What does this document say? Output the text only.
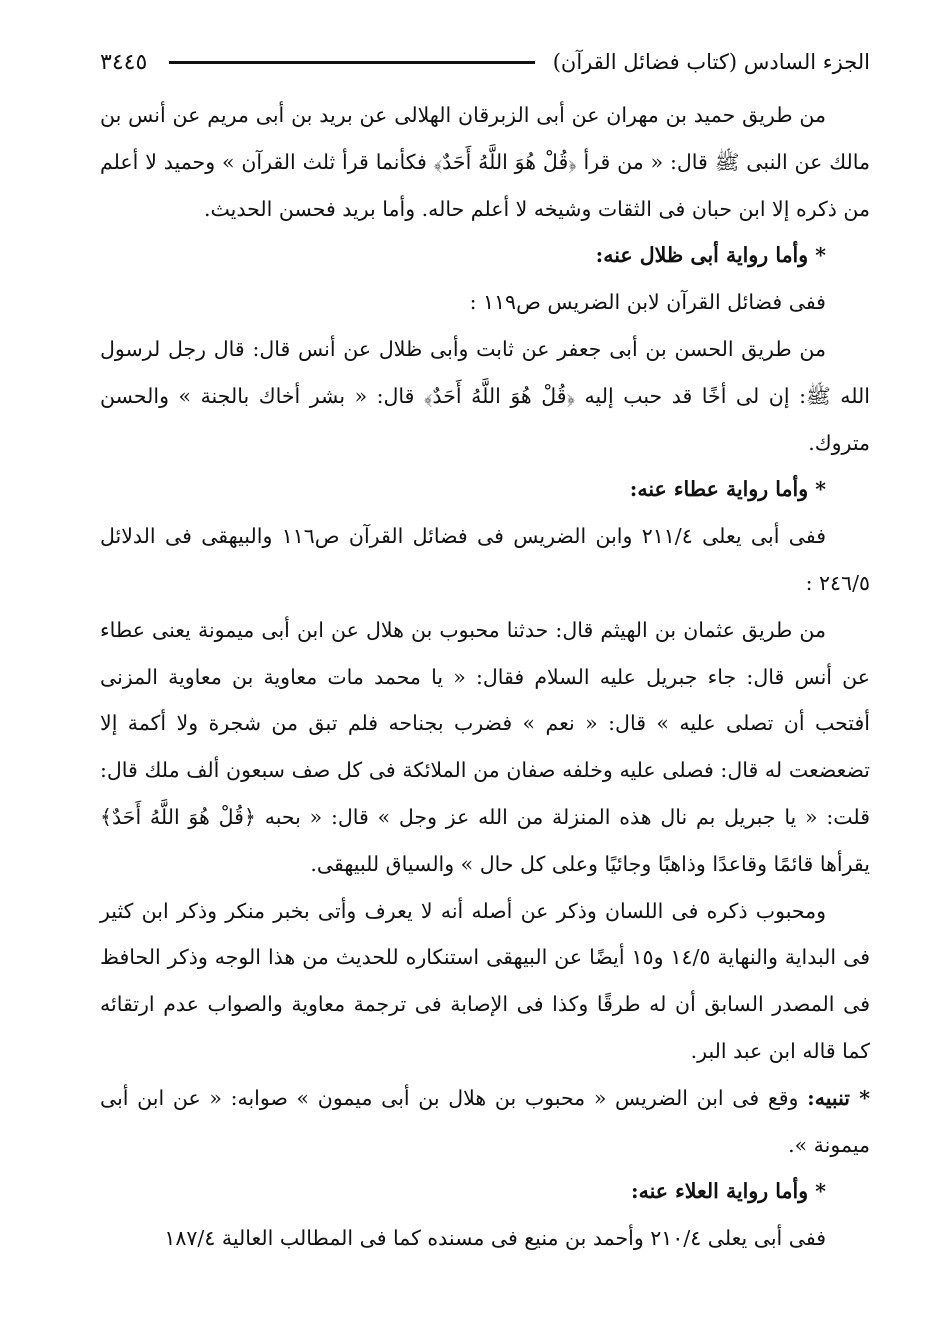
٣٤٤٥	الجزء السادس (كتاب فضائل القرآن)

من طريق حميد بن مهران عن أبى الزبرقان الهلالى عن بريد بن أبى مريم عن أنس بن مالك عن النبى ﷺ قال: « من قرأ ﴿قُلْ هُوَ اللَّهُ أَحَدٌ﴾ فكأنما قرأ ثلث القرآن » وحميد لا أعلم من ذكره إلا ابن حبان فى الثقات وشيخه لا أعلم حاله. وأما بريد فحسن الحديث.

* وأما رواية أبى ظلال عنه:

ففى فضائل القرآن لابن الضريس ص١١٩ :

من طريق الحسن بن أبى جعفر عن ثابت وأبى ظلال عن أنس قال: قال رجل لرسول الله ﷺ: إن لى أخًا قد حبب إليه ﴿قُلْ هُوَ اللَّهُ أَحَدٌ﴾ قال: « بشر أخاك بالجنة » والحسن متروك.

* وأما رواية عطاء عنه:

ففى أبى يعلى ٢١١/٤ وابن الضريس فى فضائل القرآن ص١١٦ والبيهقى فى الدلائل ٢٤٦/٥ :

من طريق عثمان بن الهيثم قال: حدثنا محبوب بن هلال عن ابن أبى ميمونة يعنى عطاء عن أنس قال: جاء جبريل عليه السلام فقال: « يا محمد مات معاوية بن معاوية المزنى أفتحب أن تصلى عليه » قال: « نعم » فضرب بجناحه فلم تبق من شجرة ولا أكمة إلا تضعضعت له قال: فصلى عليه وخلفه صفان من الملائكة فى كل صف سبعون ألف ملك قال: قلت: « يا جبريل بم نال هذه المنزلة من الله عز وجل » قال: « بحبه ﴿قُلْ هُوَ اللَّهُ أَحَدٌ﴾ يقرأها قائمًا وقاعدًا وذاهبًا وجائيًا وعلى كل حال » والسياق للبيهقى.

ومحبوب ذكره فى اللسان وذكر عن أصله أنه لا يعرف وأتى بخبر منكر وذكر ابن كثير فى البداية والنهاية ١٤/٥ و١٥ أيضًا عن البيهقى استنكاره للحديث من هذا الوجه وذكر الحافظ فى المصدر السابق أن له طرقًا وكذا فى الإصابة فى ترجمة معاوية والصواب عدم ارتقائه كما قاله ابن عبد البر.

* تنبيه: وقع فى ابن الضريس « محبوب بن هلال بن أبى ميمون » صوابه: « عن ابن أبى ميمونة ».

* وأما رواية العلاء عنه:

ففى أبى يعلى ٢١٠/٤ وأحمد بن منيع فى مسنده كما فى المطالب العالية ١٨٧/٤
